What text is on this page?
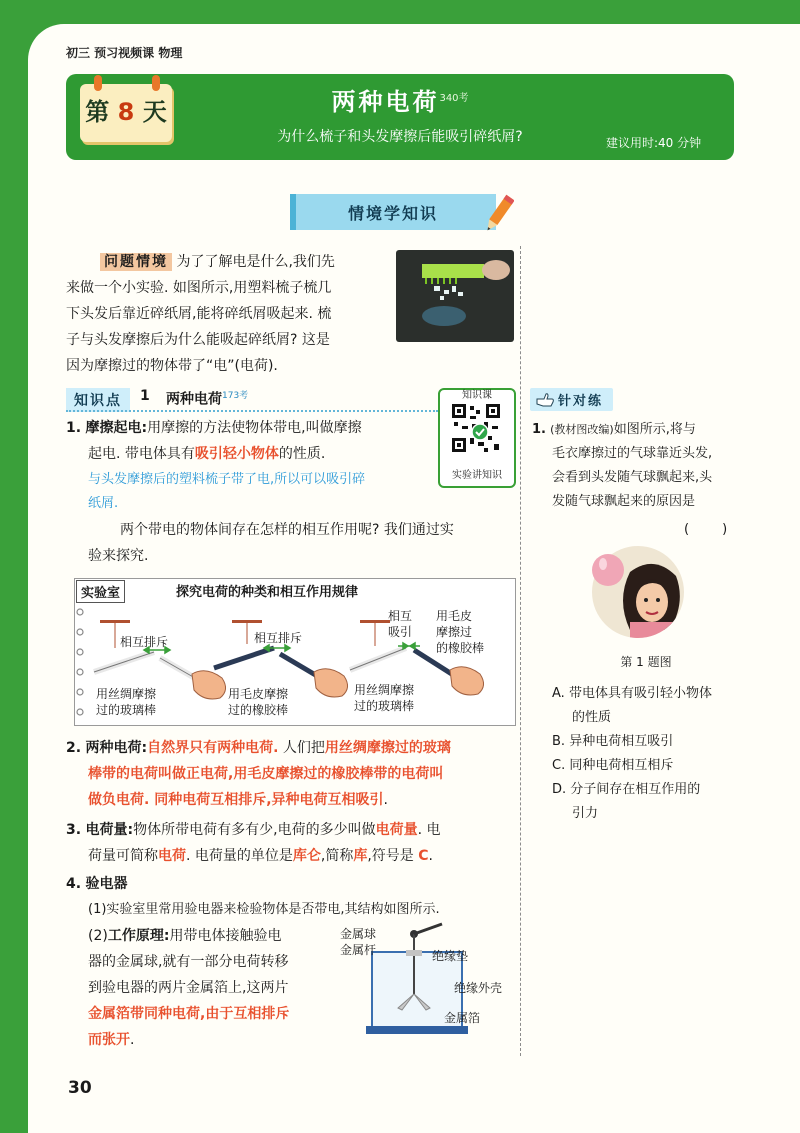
初三 预习视频课 物理
第 8 天	两种电荷$^{340考}$
为什么梳子和头发摩擦后能吸引碎纸屑?	建议用时:40 分钟
情境学知识
问题情境 为了了解电是什么,我们先
来做一个小实验. 如图所示,用塑料梳子梳几
下头发后靠近碎纸屑,能将碎纸屑吸起来. 梳
子与头发摩擦后为什么能吸起碎纸屑? 这是
因为摩擦过的物体带了“电”(电荷).
知识点	1 两种电荷$^{173考}$	知识课
实验讲知识
1. 摩擦起电:用摩擦的方法使物体带电,叫做摩擦
起电. 带电体具有吸引轻小物体的性质.
与头发摩擦后的塑料梳子带了电,所以可以吸引碎
纸屑.
两个带电的物体间存在怎样的相互作用呢? 我们通过实
验来探究.
实验室	探究电荷的种类和相互作用规律
相互排斥	相互排斥
相互
吸引
用丝绸摩擦
过的玻璃棒
用毛皮摩擦
过的橡胶棒
用丝绸摩擦
过的玻璃棒
用毛皮
摩擦过
的橡胶棒
2. 两种电荷:自然界只有两种电荷. 人们把用丝绸摩擦过的玻璃
棒带的电荷叫做正电荷,用毛皮摩擦过的橡胶棒带的电荷叫
做负电荷. 同种电荷互相排斥,异种电荷互相吸引.
3. 电荷量:物体所带电荷有多有少,电荷的多少叫做电荷量. 电
荷量可简称电荷. 电荷量的单位是库仑,简称库,符号是 C.
4. 验电器
(1)实验室里常用验电器来检验物体是否带电,其结构如图所示.
(2)工作原理:用带电体接触验电
器的金属球,就有一部分电荷转移
到验电器的两片金属箔上,这两片
金属箔带同种电荷,由于互相排斥
而张开.
金属球
金属杆	绝缘垫
绝缘外壳
金属箔
针对练
1. (教材图改编)如图所示,将与
毛衣摩擦过的气球靠近头发,
会看到头发随气球飘起来,头
发随气球飘起来的原因是
(        )
第 1 题图
A. 带电体具有吸引轻小物体
的性质
B. 异种电荷相互吸引
C. 同种电荷相互相斥
D. 分子间存在相互作用的
引力
30
